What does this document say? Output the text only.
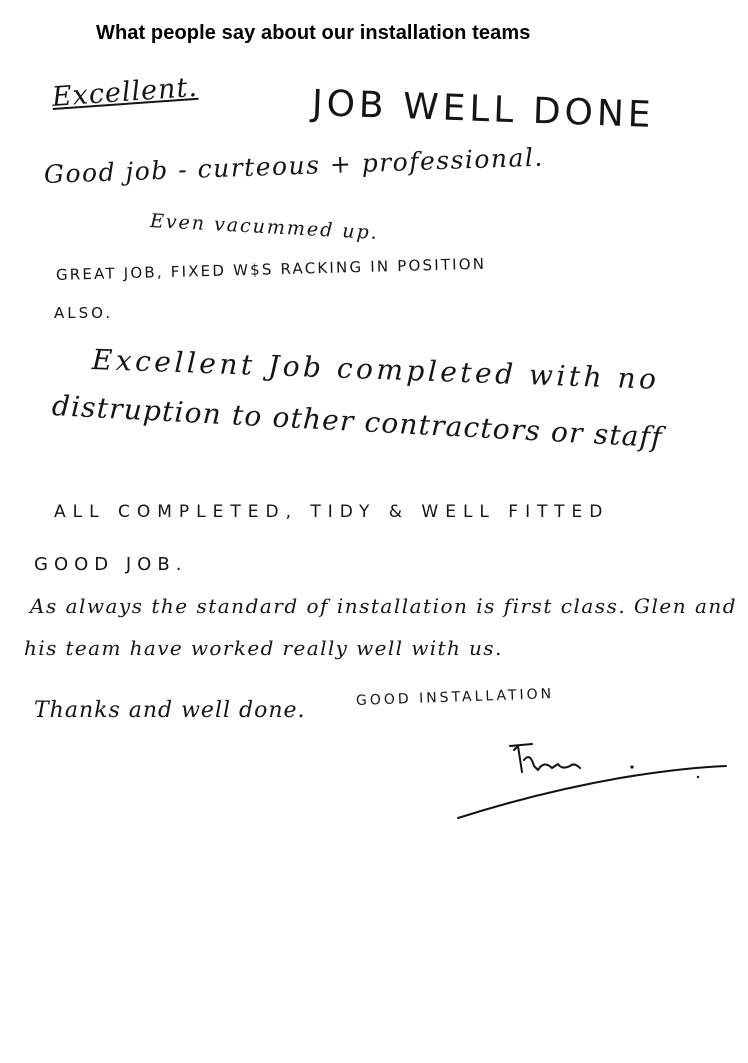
What people say about our installation teams
Excellent.	JOB WELL DONE
Good job - curteous + professional.
Even vacummed up.
GREAT JOB, FIXED W$S RACKING IN POSITION
ALSO.
Excellent Job completed with no
distruption to other contractors or staff
ALL COMPLETED, TIDY & WELL FITTED
GOOD JOB.
As always the standard of installation is first class. Glen and
his team have worked really well with us.
Thanks and well done.
GOOD INSTALLATION
